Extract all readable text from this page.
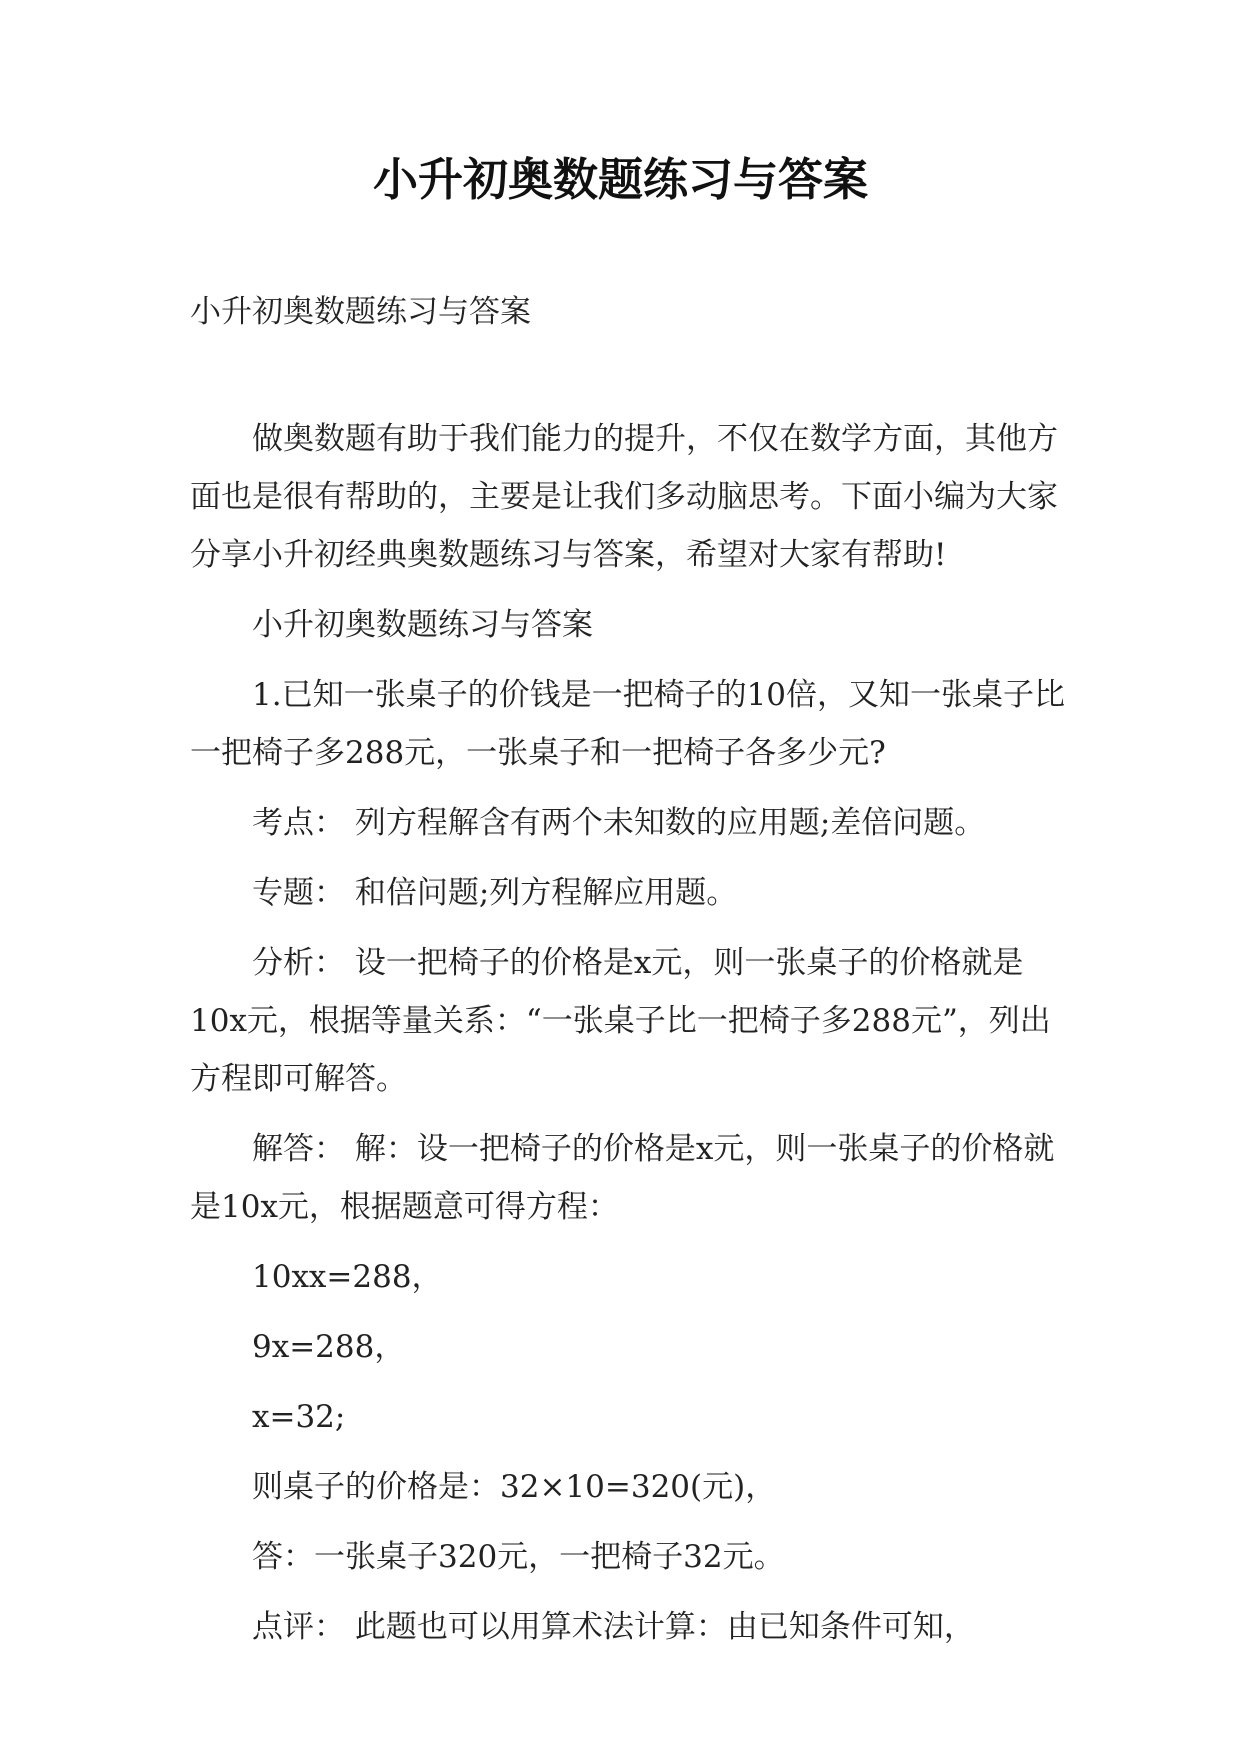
小升初奥数题练习与答案
小升初奥数题练习与答案

做奥数题有助于我们能力的提升，不仅在数学方面，其他方面也是很有帮助的，主要是让我们多动脑思考。下面小编为大家分享小升初经典奥数题练习与答案，希望对大家有帮助!

小升初奥数题练习与答案

1.已知一张桌子的价钱是一把椅子的10倍，又知一张桌子比一把椅子多288元，一张桌子和一把椅子各多少元?

考点： 列方程解含有两个未知数的应用题;差倍问题。

专题： 和倍问题;列方程解应用题。

分析： 设一把椅子的价格是x元，则一张桌子的价格就是10x元，根据等量关系：“一张桌子比一把椅子多288元”，列出方程即可解答。

解答： 解：设一把椅子的价格是x元，则一张桌子的价格就是10x元，根据题意可得方程：

10xx=288，

9x=288，

x=32;

则桌子的价格是：32×10=320(元)，

答：一张桌子320元，一把椅子32元。

点评： 此题也可以用算术法计算：由已知条件可知，
